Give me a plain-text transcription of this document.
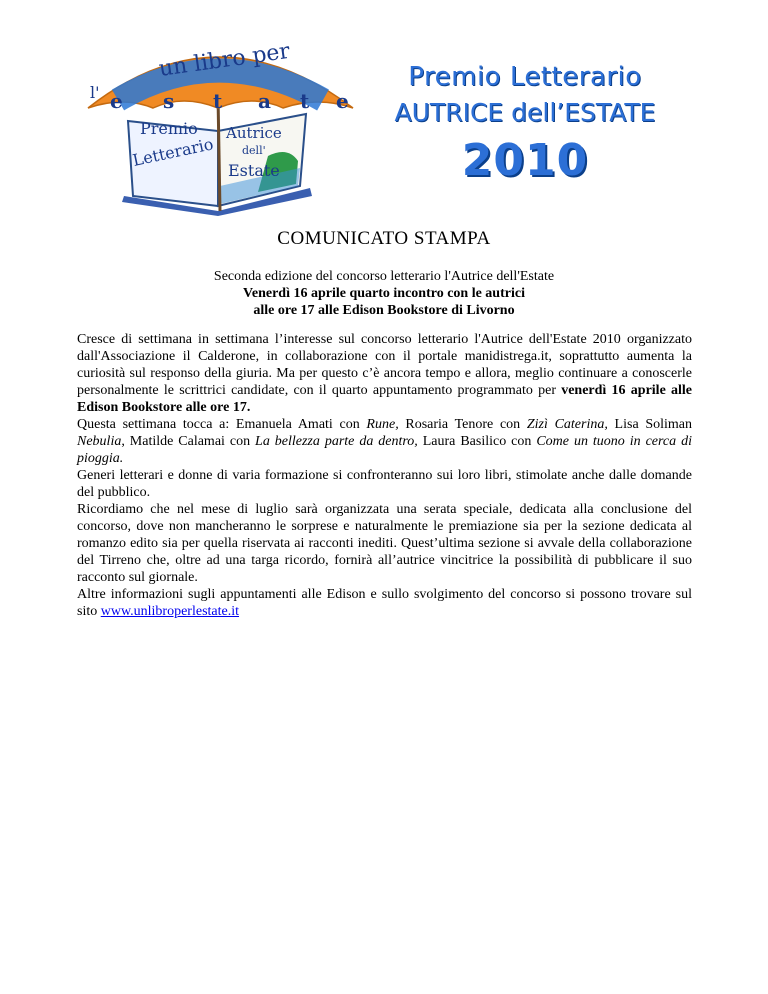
un libro per
l' e s t a t e
Premio
Letterario
Autrice
dell'
Estate
Premio Letterario
AUTRICE dell’ESTATE
2010
COMUNICATO STAMPA
Seconda edizione del concorso letterario l'Autrice dell'Estate
Venerdì 16 aprile quarto incontro con le autrici
alle ore 17 alle Edison Bookstore di Livorno

Cresce di settimana in settimana l’interesse sul concorso letterario l'Autrice dell'Estate 2010 organizzato dall'Associazione il Calderone, in collaborazione con il portale manidistrega.it, soprattutto aumenta la curiosità sul responso della giuria. Ma per questo c’è ancora tempo e allora, meglio continuare a conoscerle personalmente le scrittrici candidate, con il quarto appuntamento programmato per venerdì 16 aprile alle Edison Bookstore alle ore 17.

Questa settimana tocca a: Emanuela Amati con Rune, Rosaria Tenore con Zizì Caterina, Lisa Soliman Nebulia, Matilde Calamai con La bellezza parte da dentro, Laura Basilico con Come un tuono in cerca di pioggia.

Generi letterari e donne di varia formazione si confronteranno sui loro libri, stimolate anche dalle domande del pubblico.

Ricordiamo che nel mese di luglio sarà organizzata una serata speciale, dedicata alla conclusione del concorso, dove non mancheranno le sorprese e naturalmente le premiazione sia per la sezione dedicata al romanzo edito sia per quella riservata ai racconti inediti. Quest’ultima sezione si avvale della collaborazione del Tirreno che, oltre ad una targa ricordo, fornirà all’autrice vincitrice la possibilità di pubblicare il suo racconto sul giornale.

Altre informazioni sugli appuntamenti alle Edison e sullo svolgimento del concorso si possono trovare sul sito www.unlibroperlestate.it
